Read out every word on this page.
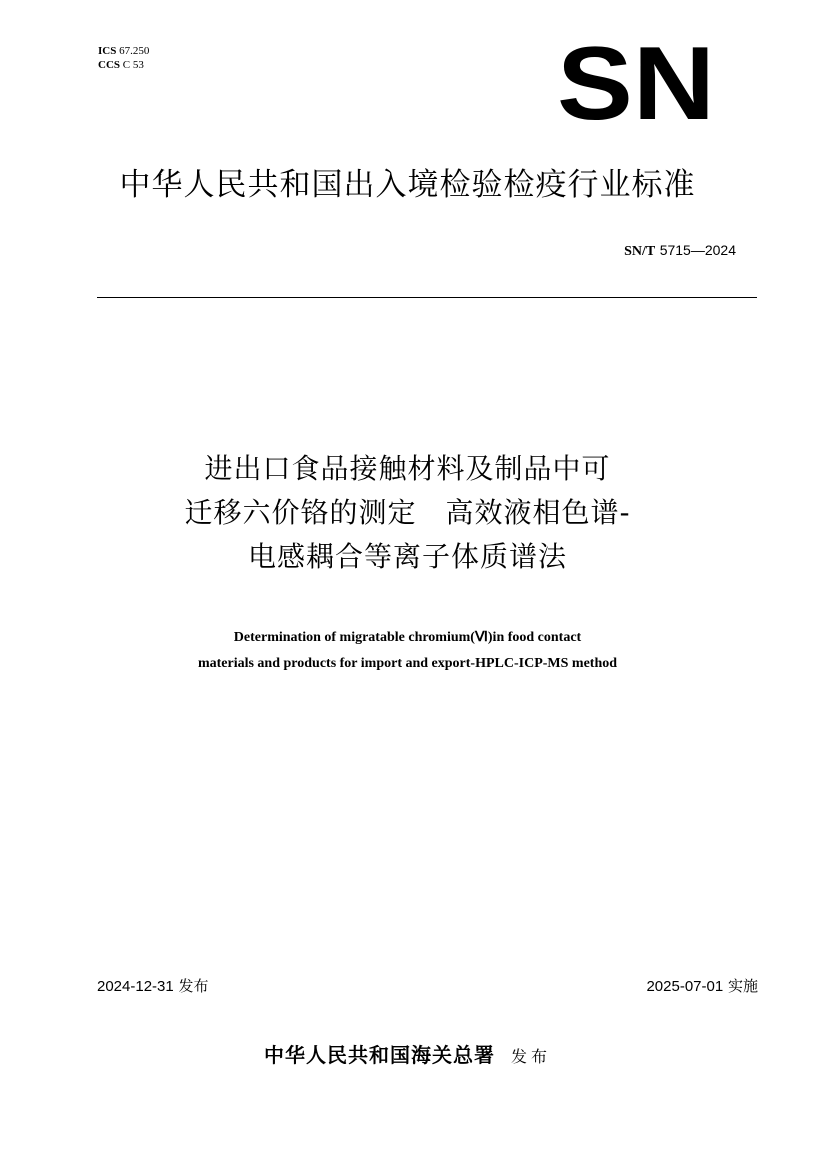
ICS 67.250
CCS C 53	SN
中华人民共和国出入境检验检疫行业标准
SN/T 5715—2024
进出口食品接触材料及制品中可
迁移六价铬的测定　高效液相色谱-
电感耦合等离子体质谱法
Determination of migratable chromium(Ⅵ)in food contact
materials and products for import and export-HPLC-ICP-MS method
2024-12-31 发布	2025-07-01 实施
中华人民共和国海关总署 发布
